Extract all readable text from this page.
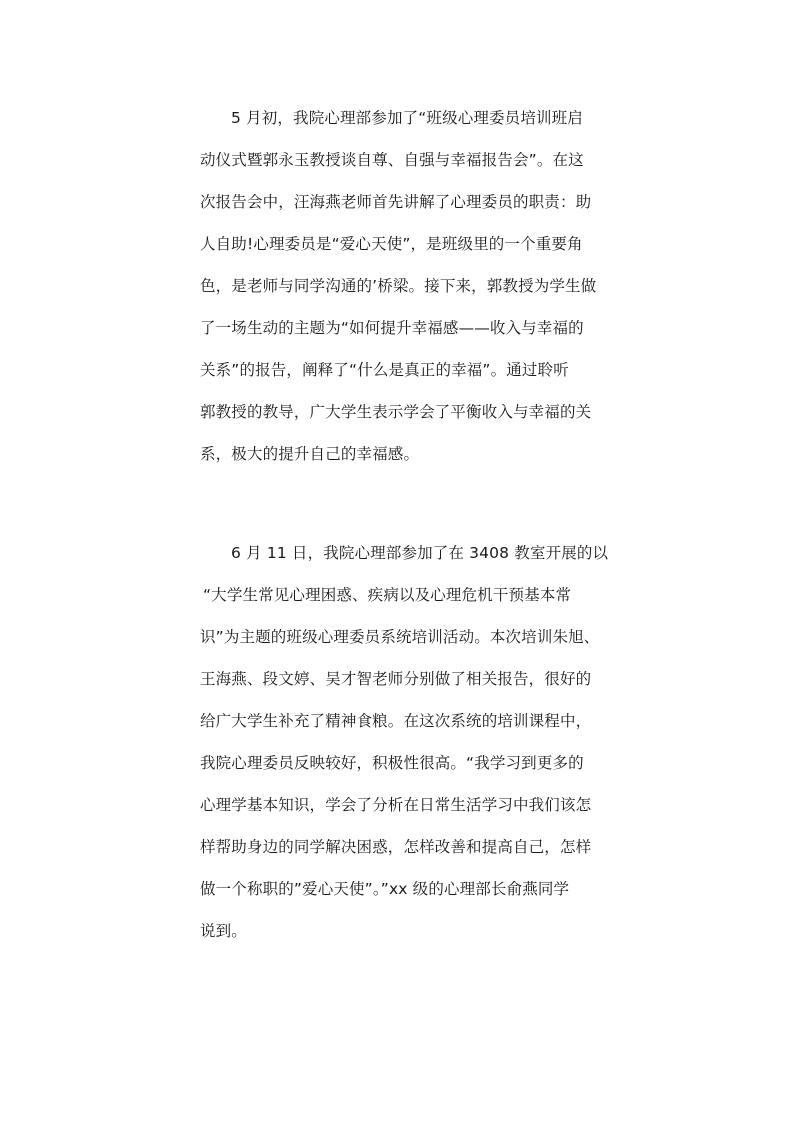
5 月初，我院心理部参加了“班级心理委员培训班启
动仪式暨郭永玉教授谈自尊、自强与幸福报告会”。在这
次报告会中，汪海燕老师首先讲解了心理委员的职责：助
人自助!心理委员是“爱心天使”，是班级里的一个重要角
色，是老师与同学沟通的’桥梁。接下来，郭教授为学生做
了一场生动的主题为“如何提升幸福感——收入与幸福的
关系”的报告，阐释了“什么是真正的幸福”。通过聆听
郭教授的教导，广大学生表示学会了平衡收入与幸福的关
系，极大的提升自己的幸福感。
6 月 11 日，我院心理部参加了在 3408 教室开展的以
“大学生常见心理困惑、疾病以及心理危机干预基本常
识”为主题的班级心理委员系统培训活动。本次培训朱旭、
王海燕、段文婷、吴才智老师分别做了相关报告，很好的
给广大学生补充了精神食粮。在这次系统的培训课程中，
我院心理委员反映较好，积极性很高。“我学习到更多的
心理学基本知识，学会了分析在日常生活学习中我们该怎
样帮助身边的同学解决困惑，怎样改善和提高自己，怎样
做一个称职的”爱心天使”。”xx 级的心理部长俞燕同学
说到。
